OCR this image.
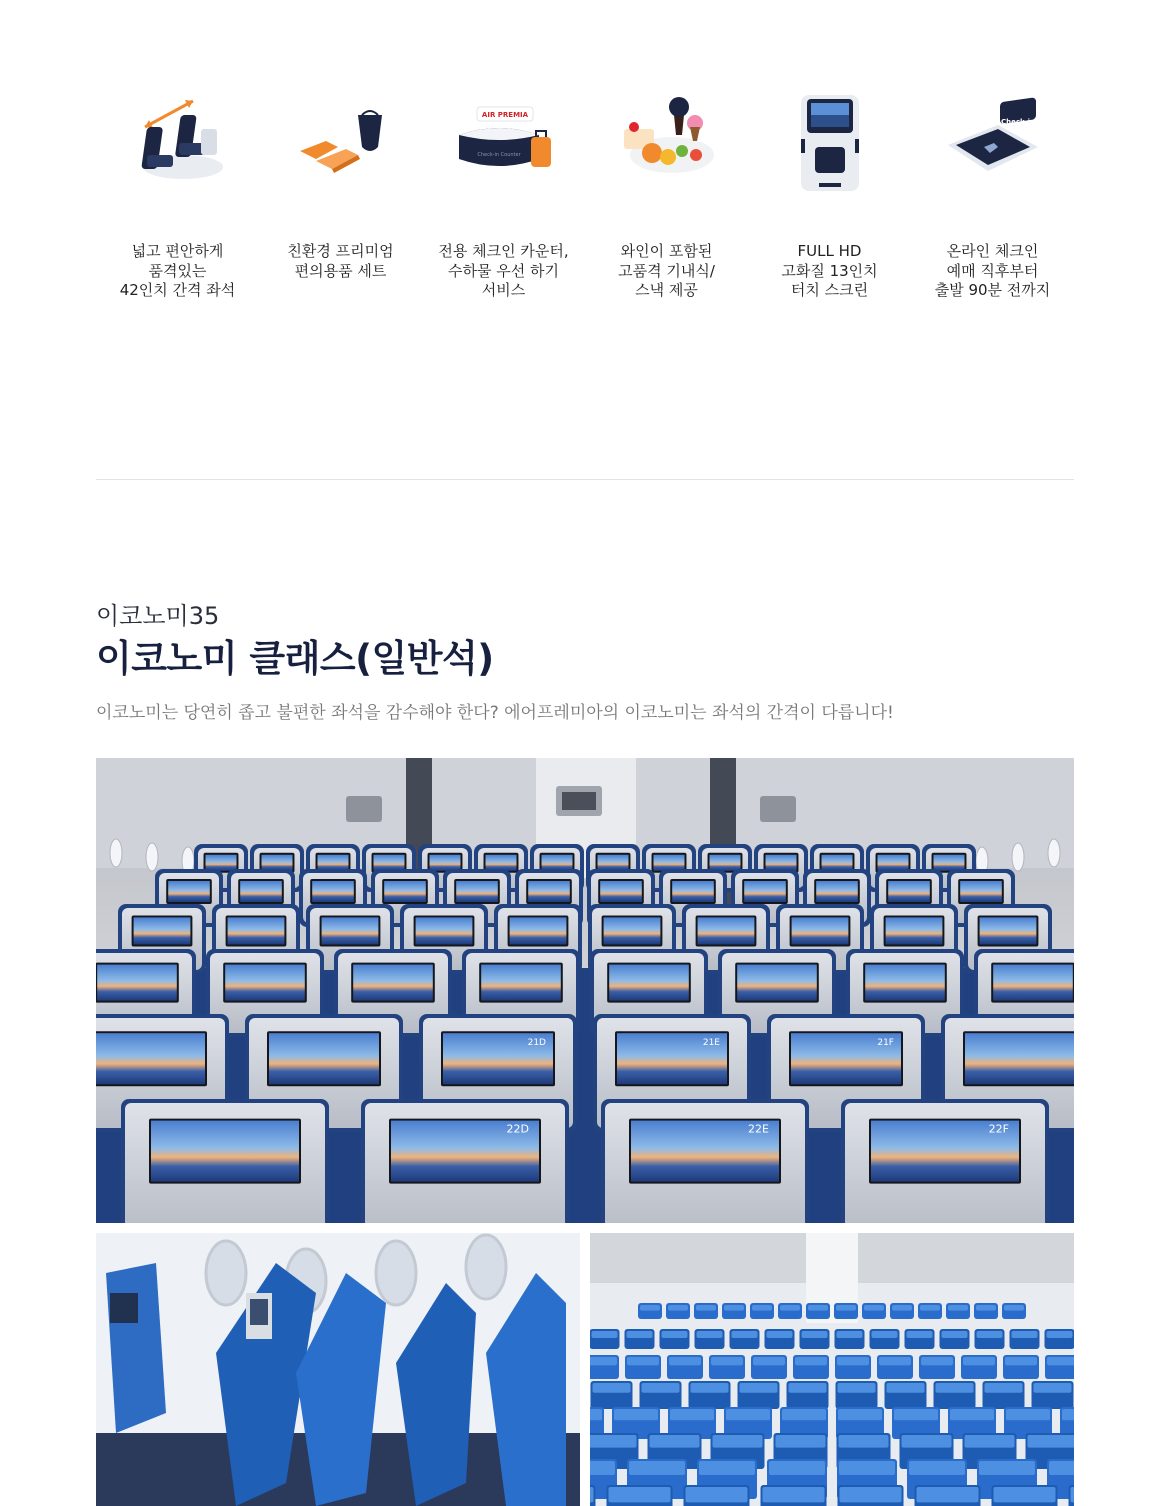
넓고 편안하게
품격있는
42인치 간격 좌석
친환경 프리미엄
편의용품 세트
AIR PREMIA
Check-in Counter
전용 체크인 카운터,
수하물 우선 하기
서비스
와인이 포함된
고품격 기내식/
스낵 제공
FULL HD
고화질 13인치
터치 스크린
Check-in
온라인 체크인
예매 직후부터
출발 90분 전까지
이코노미35
이코노미 클래스(일반석)
이코노미는 당연히 좁고 불편한 좌석을 감수해야 한다? 에어프레미아의 이코노미는 좌석의 간격이 다릅니다!
22D	22E	22F
21D	21E	21F
